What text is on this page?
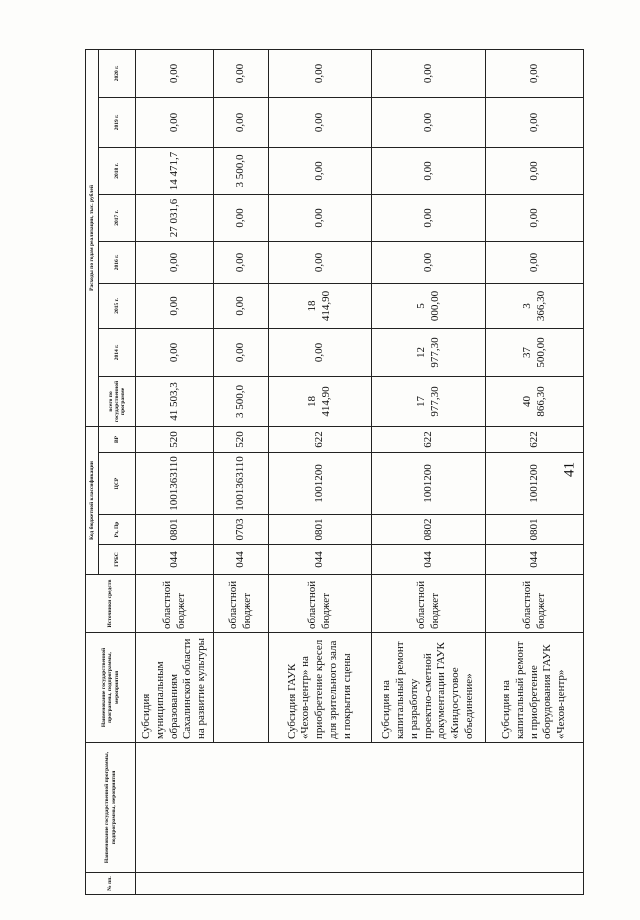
41
№ пп.	Наименование государственной программы, подпрограммы, мероприятия	Наименование государственной программы, подпрограммы, мероприятия	Источники средств	Код бюджетной классификации				Расходы по годам реализации, тыс. рублей							
				ГРБС	Рз, Пр	ЦСР	ВР	всего по государственной программе	2014 г.	2015 г.	2016 г.	2017 г.	2018 г.	2019 г.	2020 г.
		Субсидия муниципальным образованиям Сахалинской области на развитие культуры	областной бюджет	044	0801	1001363110	520	41 503,3	0,00	0,00	0,00	27 031,6	14 471,7	0,00	0,00
			областной бюджет	044	0703	1001363110	520	3 500,0	0,00	0,00	0,00	0,00	3 500,0	0,00	0,00
		Субсидия ГАУК «Чехов-центр» на приобретение кресел для зрительного зала и покрытия сцены	областной бюджет	044	0801	1001200	622	18 414,90	0,00	18 414,90	0,00	0,00	0,00	0,00	0,00
		Субсидия на капитальный ремонт и разработку проектно-сметной документации ГАУК «Киндосуговое объединение»	областной бюджет	044	0802	1001200	622	17 977,30	12 977,30	5 000,00	0,00	0,00	0,00	0,00	0,00
		Субсидия на капитальный ремонт и приобретение оборудования ГАУК «Чехов-центр»	областной бюджет	044	0801	1001200	622	40 866,30	37 500,00	3 366,30	0,00	0,00	0,00	0,00	0,00
